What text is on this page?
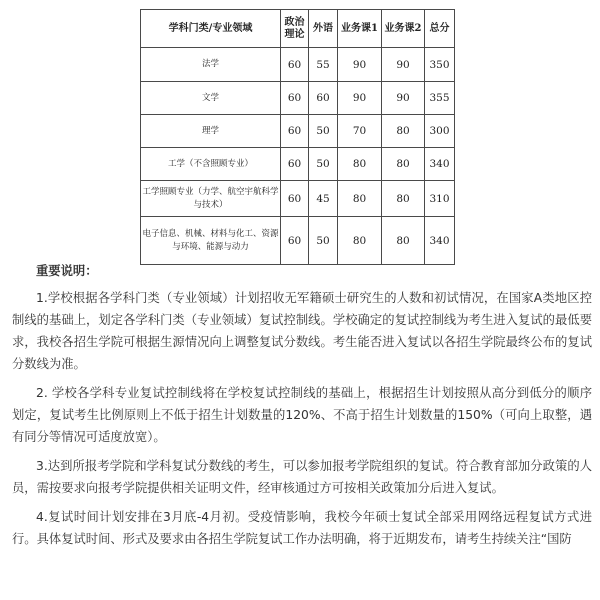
学科门类/专业领域	政治理论	外语	业务课1	业务课2	总分
法学	60	55	90	90	350
文学	60	60	90	90	355
理学	60	50	70	80	300
工学（不含照顾专业）	60	50	80	80	340
工学照顾专业（力学、航空宇航科学与技术）	60	45	80	80	310
电子信息、机械、材料与化工、资源与环境、能源与动力	60	50	80	80	340
重要说明：

1.学校根据各学科门类（专业领域）计划招收无军籍硕士研究生的人数和初试情况，在国家A类地区控制线的基础上，划定各学科门类（专业领域）复试控制线。学校确定的复试控制线为考生进入复试的最低要求，我校各招生学院可根据生源情况向上调整复试分数线。考生能否进入复试以各招生学院最终公布的复试分数线为准。

2. 学校各学科专业复试控制线将在学校复试控制线的基础上，根据招生计划按照从高分到低分的顺序划定，复试考生比例原则上不低于招生计划数量的120%、不高于招生计划数量的150%（可向上取整，遇有同分等情况可适度放宽）。

3.达到所报考学院和学科复试分数线的考生，可以参加报考学院组织的复试。符合教育部加分政策的人员，需按要求向报考学院提供相关证明文件，经审核通过方可按相关政策加分后进入复试。

4.复试时间计划安排在3月底-4月初。受疫情影响，我校今年硕士复试全部采用网络远程复试方式进行。具体复试时间、形式及要求由各招生学院复试工作办法明确，将于近期发布，请考生持续关注“国防
